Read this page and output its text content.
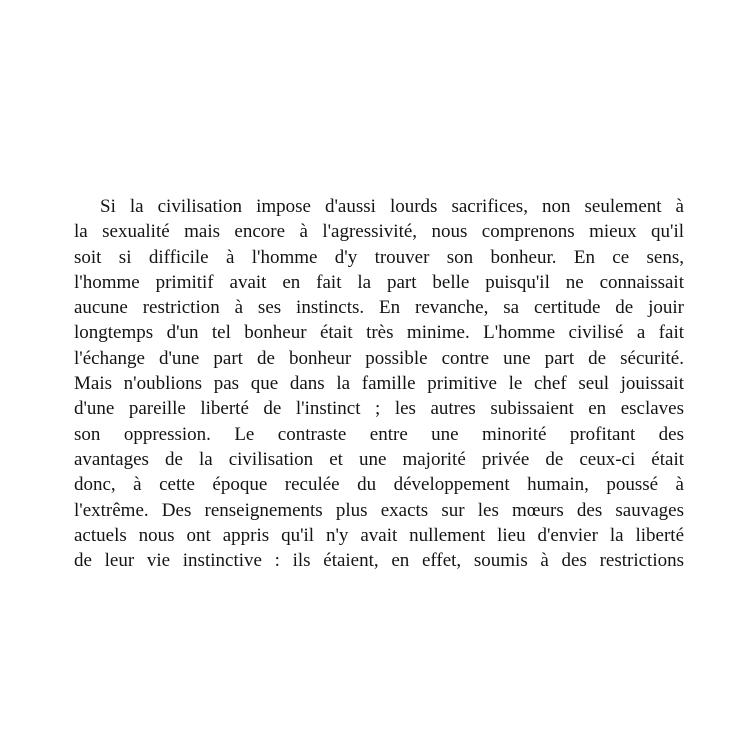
Si la civilisation impose d'aussi lourds sacrifices, non seulement à
la sexualité mais encore à l'agressivité, nous comprenons mieux qu'il
soit si difficile à l'homme d'y trouver son bonheur. En ce sens,
l'homme primitif avait en fait la part belle puisqu'il ne connaissait
aucune restriction à ses instincts. En revanche, sa certitude de jouir
longtemps d'un tel bonheur était très minime. L'homme civilisé a fait
l'échange d'une part de bonheur possible contre une part de sécurité.
Mais n'oublions pas que dans la famille primitive le chef seul jouissait
d'une pareille liberté de l'instinct ; les autres subissaient en esclaves
son oppression. Le contraste entre une minorité profitant des
avantages de la civilisation et une majorité privée de ceux-ci était
donc, à cette époque reculée du développement humain, poussé à
l'extrême. Des renseignements plus exacts sur les mœurs des sauvages
actuels nous ont appris qu'il n'y avait nullement lieu d'envier la liberté
de leur vie instinctive : ils étaient, en effet, soumis à des restrictions
